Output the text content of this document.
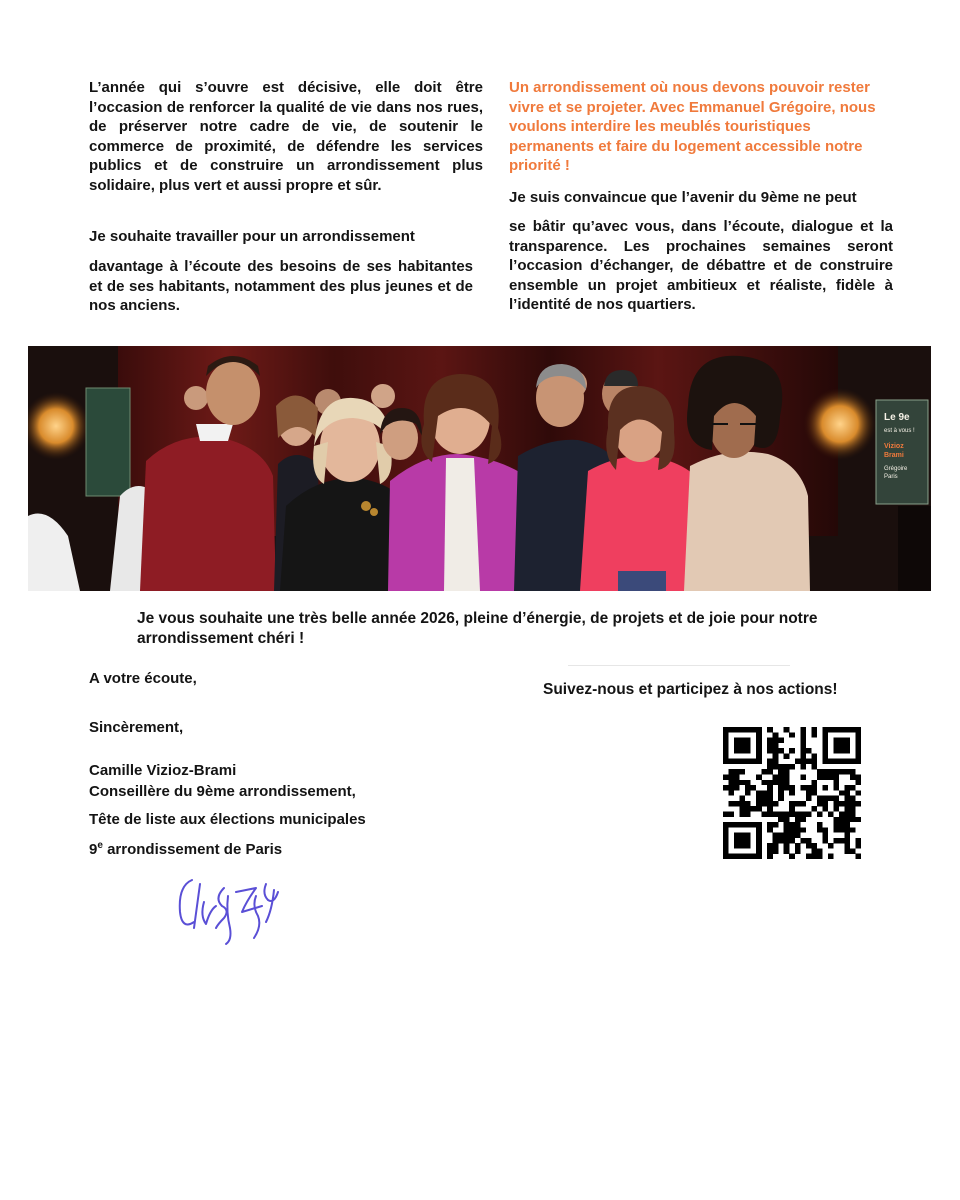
L’année qui s’ouvre est décisive, elle doit être l’occasion de renforcer la qualité de vie dans nos rues, de préserver notre cadre de vie, de soutenir le commerce de proximité, de défendre les services publics et de construire un arrondissement plus solidaire, plus vert et aussi propre et sûr.
Je souhaite travailler pour un arrondissement
davantage à l’écoute des besoins de ses habitantes et de ses habitants, notamment des plus jeunes et de nos anciens.
Un arrondissement où nous devons pouvoir rester vivre et se projeter. Avec Emmanuel Grégoire, nous voulons interdire les meublés touristiques permanents et faire du logement accessible notre priorité !
Je suis convaincue que l’avenir du 9ème ne peut
se bâtir qu’avec vous, dans l’écoute, dialogue et la transparence. Les prochaines semaines seront l’occasion d’échanger, de débattre et de construire ensemble un projet ambitieux et réaliste, fidèle à l’identité de nos quartiers.
Le 9e
est à vous !
Vizioz
Brami
Grégoire
Paris
Je vous souhaite une très belle année 2026, pleine d’énergie, de projets et de joie pour notre arrondissement chéri !
A votre écoute,
Sincèrement,
Camille Vizioz-Brami
Conseillère du 9ème arrondissement,
Tête de liste aux élections municipales
9e arrondissement de Paris
Suivez-nous et participez à nos actions!
